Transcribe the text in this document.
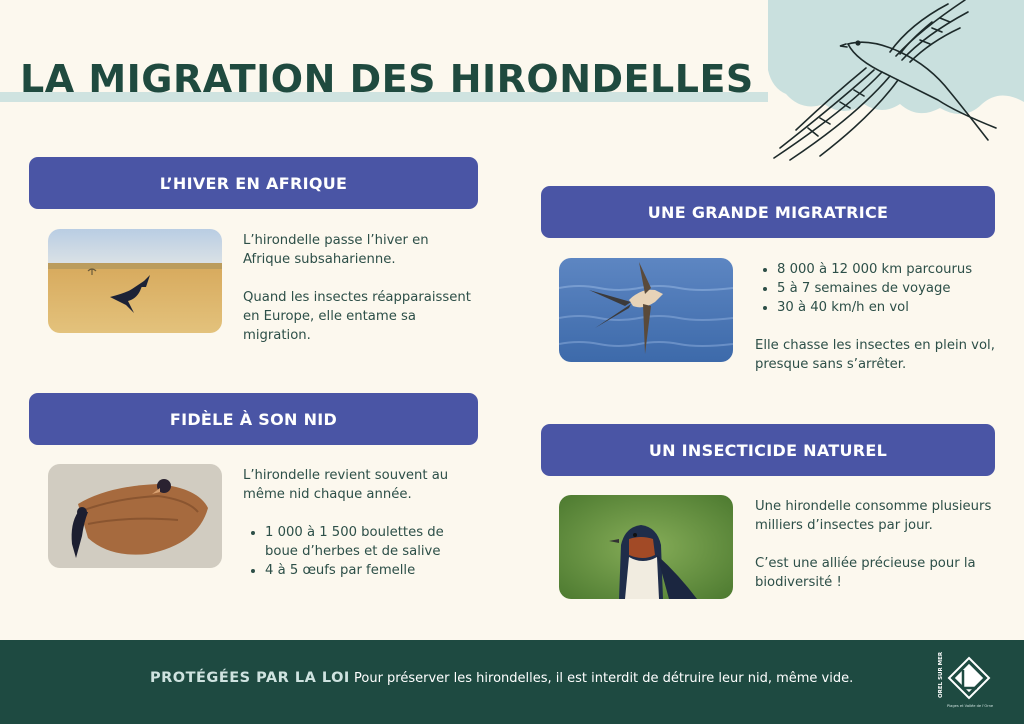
LA MIGRATION DES HIRONDELLES
L’HIVER EN AFRIQUE

L’hirondelle passe l’hiver en Afrique subsaharienne.

Quand les insectes réapparaissent en Europe, elle entame sa migration.

UNE GRANDE MIGRATRICE
• 8 000 à 12 000 km parcourus
• 5 à 7 semaines de voyage
• 30 à 40 km/h en vol

Elle chasse les insectes en plein vol, presque sans s’arrêter.

FIDÈLE À SON NID

L’hirondelle revient souvent au même nid chaque année.

• 1 000 à 1 500 boulettes de boue d’herbes et de salive
• 4 à 5 œufs par femelle
UN INSECTICIDE NATUREL

Une hirondelle consomme plusieurs milliers d’insectes par jour.

C’est une alliée précieuse pour la biodiversité !

PROTÉGÉES PAR LA LOI Pour préserver les hirondelles, il est interdit de détruire leur nid, même vide.	OREL SUR MER
Plages et Vallée de l’Orne
